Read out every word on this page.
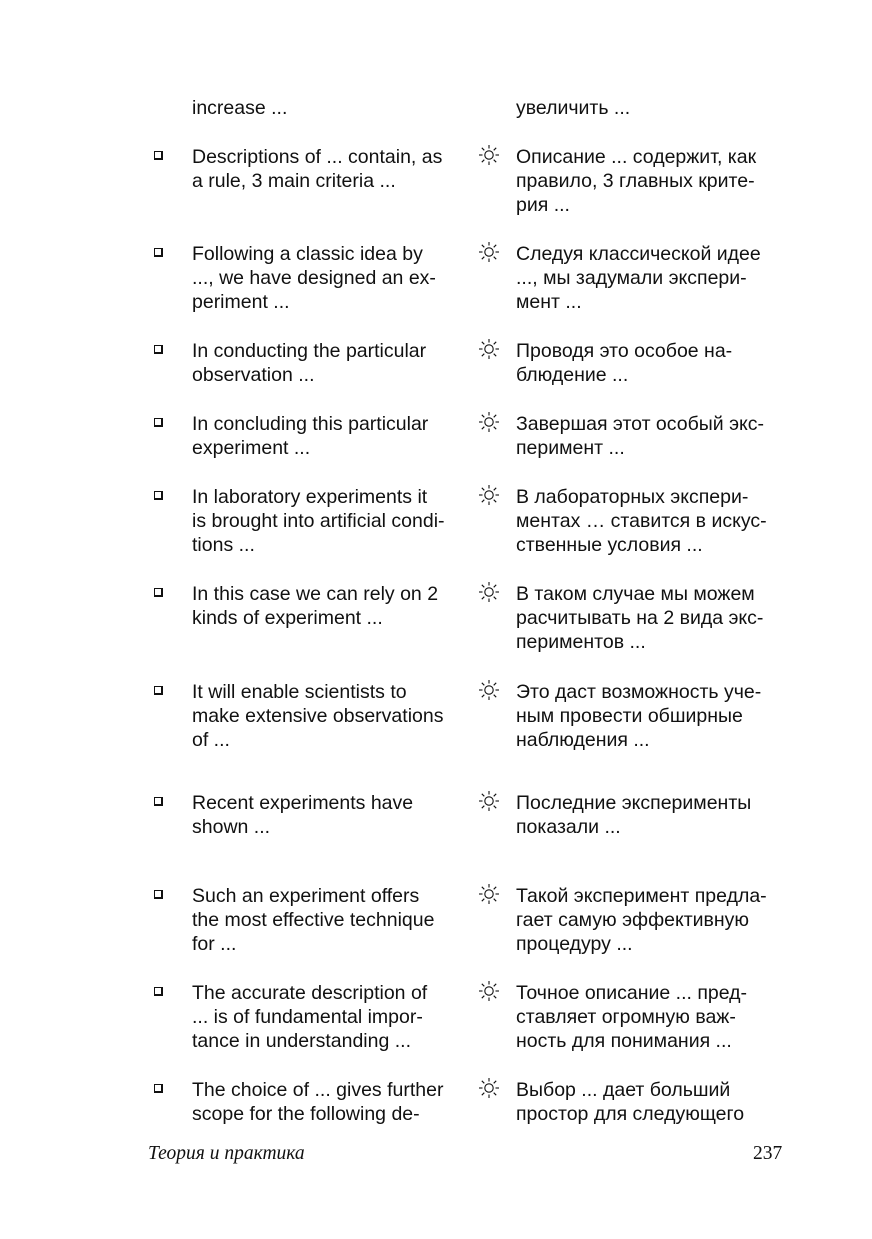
increase ...	увеличить ...
Descriptions of ... contain, as
a rule, 3 main criteria ...
Описание ... содержит, как
правило, 3 главных крите-
рия ...
Following a classic idea by
..., we have designed an ex-
periment ...
Следуя классической идее
..., мы задумали экспери-
мент ...
In conducting the particular
observation ...
Проводя это особое на-
блюдение ...
In concluding this particular
experiment ...
Завершая этот особый экс-
перимент ...
In laboratory experiments it
is brought into artificial condi-
tions ...
В лабораторных экспери-
ментах … ставится в искус-
ственные условия ...
In this case we can rely on 2
kinds of experiment ...
В таком случае мы можем
расчитывать на 2 вида экс-
периментов ...
It will enable scientists to
make extensive observations
of ...
Это даст возможность уче-
ным провести обширные
наблюдения ...
Recent experiments have
shown ...
Последние эксперименты
показали ...
Such an experiment offers
the most effective technique
for ...
Такой эксперимент предла-
гает самую эффективную
процедуру ...
The accurate description of
... is of fundamental impor-
tance in understanding ...
Точное описание ... пред-
ставляет огромную важ-
ность для понимания ...
The choice of ... gives further
scope for the following de-
Выбор ... дает больший
простор для следующего
Теория и практика	237
